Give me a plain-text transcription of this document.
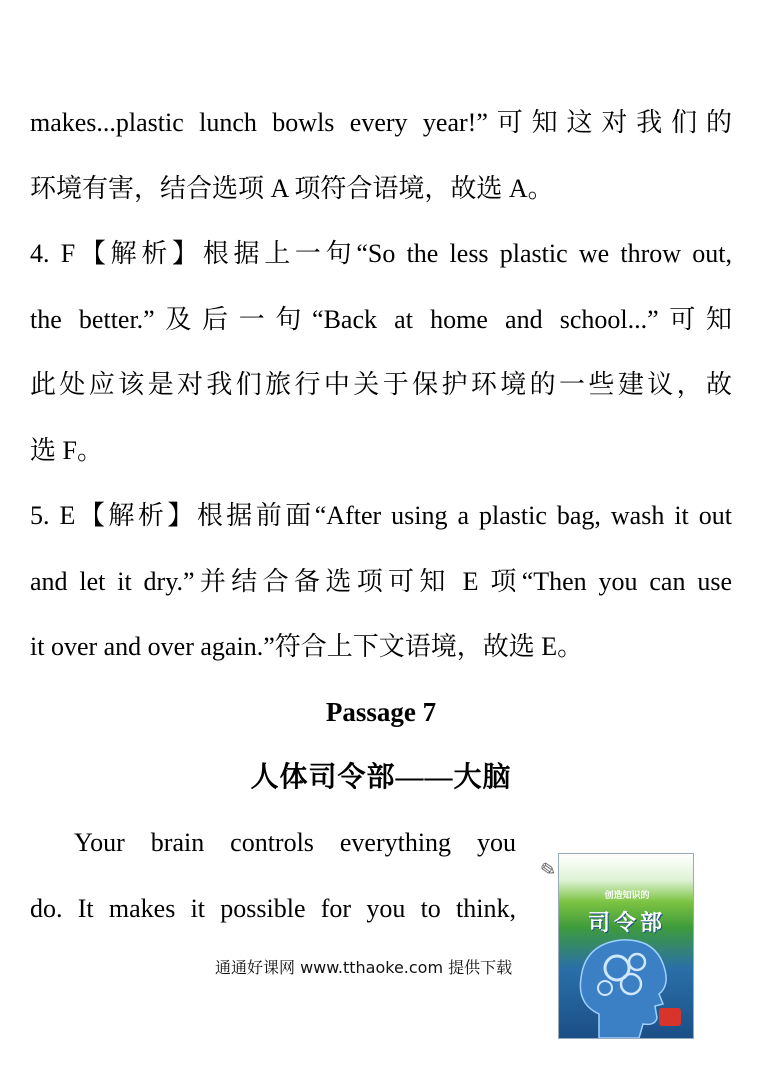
makes...plastic lunch bowls every year!”可知这对我们的
环境有害，结合选项 A 项符合语境，故选 A。
4. F【解析】根据上一句“So the less plastic we throw out,
the better.”及后一句“Back at home and school...”可知
此处应该是对我们旅行中关于保护环境的一些建议，故
选 F。
5. E【解析】根据前面“After using a plastic bag, wash it out
and let it dry.”并结合备选项可知 E 项“Then you can use
it over and over again.”符合上下文语境，故选 E。
Passage 7
人体司令部——大脑
Your brain controls everything you
do. It makes it possible for you to think,
通通好课网 www.tthaoke.com 提供下载
✎
创造知识的
司令部
